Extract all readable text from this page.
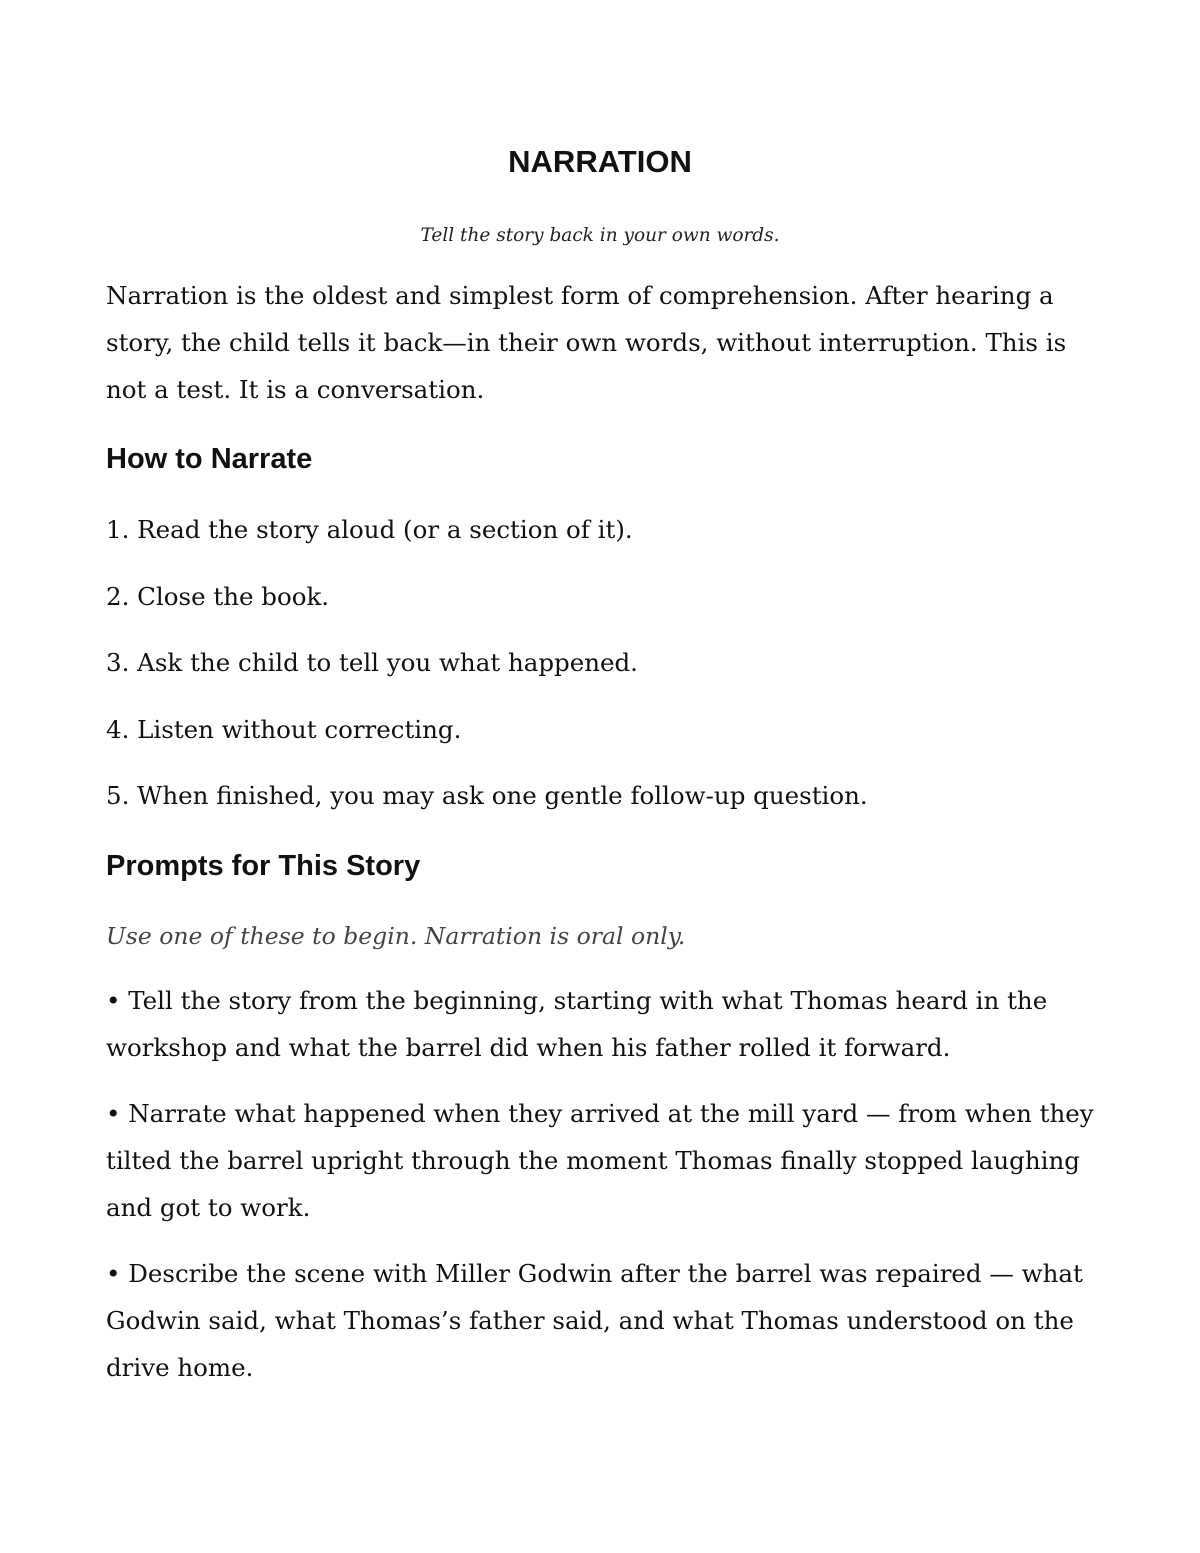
NARRATION

Tell the story back in your own words.

Narration is the oldest and simplest form of comprehension. After hearing a story, the child tells it back—in their own words, without interruption. This is not a test. It is a conversation.

How to Narrate

1. Read the story aloud (or a section of it).

2. Close the book.

3. Ask the child to tell you what happened.

4. Listen without correcting.

5. When finished, you may ask one gentle follow-up question.

Prompts for This Story

Use one of these to begin. Narration is oral only.

• Tell the story from the beginning, starting with what Thomas heard in the workshop and what the barrel did when his father rolled it forward.

• Narrate what happened when they arrived at the mill yard — from when they tilted the barrel upright through the moment Thomas finally stopped laughing and got to work.

• Describe the scene with Miller Godwin after the barrel was repaired — what Godwin said, what Thomas’s father said, and what Thomas understood on the drive home.
